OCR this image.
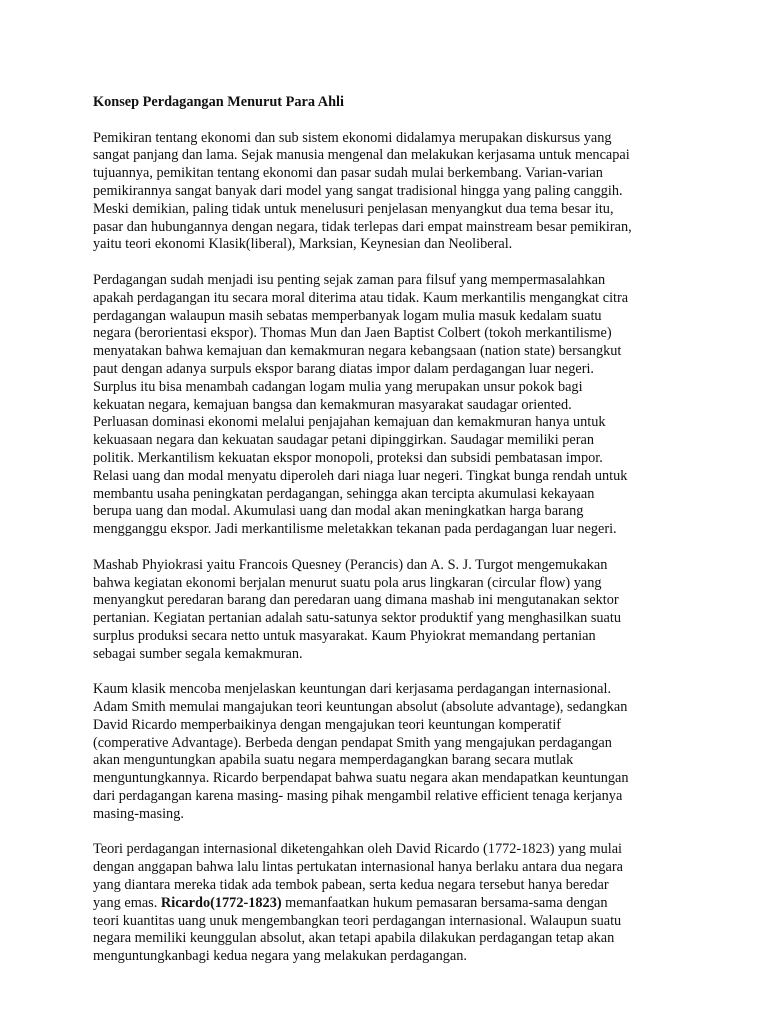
Konsep Perdagangan Menurut Para Ahli
Pemikiran tentang ekonomi dan sub sistem ekonomi didalamya merupakan diskursus yang
sangat panjang dan lama. Sejak manusia mengenal dan melakukan kerjasama untuk mencapai
tujuannya, pemikitan tentang ekonomi dan pasar sudah mulai berkembang. Varian-varian
pemikirannya sangat banyak dari model yang sangat tradisional hingga yang paling canggih.
Meski demikian, paling tidak untuk menelusuri penjelasan menyangkut dua tema besar itu,
pasar dan hubungannya dengan negara, tidak terlepas dari empat mainstream besar pemikiran,
yaitu teori ekonomi Klasik(liberal), Marksian, Keynesian dan Neoliberal.
Perdagangan sudah menjadi isu penting sejak zaman para filsuf yang mempermasalahkan
apakah perdagangan itu secara moral diterima atau tidak. Kaum merkantilis mengangkat citra
perdagangan walaupun masih sebatas memperbanyak logam mulia masuk kedalam suatu
negara (berorientasi ekspor). Thomas Mun dan Jaen Baptist Colbert (tokoh merkantilisme)
menyatakan bahwa kemajuan dan kemakmuran negara kebangsaan (nation state) bersangkut
paut dengan adanya surpuls ekspor barang diatas impor dalam perdagangan luar negeri.
Surplus itu bisa menambah cadangan logam mulia yang merupakan unsur pokok bagi
kekuatan negara, kemajuan bangsa dan kemakmuran masyarakat saudagar oriented.
Perluasan dominasi ekonomi melalui penjajahan kemajuan dan kemakmuran hanya untuk
kekuasaan negara dan kekuatan saudagar petani dipinggirkan. Saudagar memiliki peran
politik. Merkantilism kekuatan ekspor monopoli, proteksi dan subsidi pembatasan impor.
Relasi uang dan modal menyatu diperoleh dari niaga luar negeri. Tingkat bunga rendah untuk
membantu usaha peningkatan perdagangan, sehingga akan tercipta akumulasi kekayaan
berupa uang dan modal. Akumulasi uang dan modal akan meningkatkan harga barang
mengganggu ekspor. Jadi merkantilisme meletakkan tekanan pada perdagangan luar negeri.
Mashab Phyiokrasi yaitu Francois Quesney (Perancis) dan A. S. J. Turgot mengemukakan
bahwa kegiatan ekonomi berjalan menurut suatu pola arus lingkaran (circular flow) yang
menyangkut peredaran barang dan peredaran uang dimana mashab ini mengutanakan sektor
pertanian. Kegiatan pertanian adalah satu-satunya sektor produktif yang menghasilkan suatu
surplus produksi secara netto untuk masyarakat. Kaum Phyiokrat memandang pertanian
sebagai sumber segala kemakmuran.
Kaum klasik mencoba menjelaskan keuntungan dari kerjasama perdagangan internasional.
Adam Smith memulai mangajukan teori keuntungan absolut (absolute advantage), sedangkan
David Ricardo memperbaikinya dengan mengajukan teori keuntungan komperatif
(comperative Advantage). Berbeda dengan pendapat Smith yang mengajukan perdagangan
akan menguntungkan apabila suatu negara memperdagangkan barang secara mutlak
menguntungkannya. Ricardo berpendapat bahwa suatu negara akan mendapatkan keuntungan
dari perdagangan karena masing- masing pihak mengambil relative efficient tenaga kerjanya
masing-masing.
Teori perdagangan internasional diketengahkan oleh David Ricardo (1772-1823) yang mulai
dengan anggapan bahwa lalu lintas pertukatan internasional hanya berlaku antara dua negara
yang diantara mereka tidak ada tembok pabean, serta kedua negara tersebut hanya beredar
yang emas. Ricardo(1772-1823) memanfaatkan hukum pemasaran bersama-sama dengan
teori kuantitas uang unuk mengembangkan teori perdagangan internasional. Walaupun suatu
negara memiliki keunggulan absolut, akan tetapi apabila dilakukan perdagangan tetap akan
menguntungkanbagi kedua negara yang melakukan perdagangan.
